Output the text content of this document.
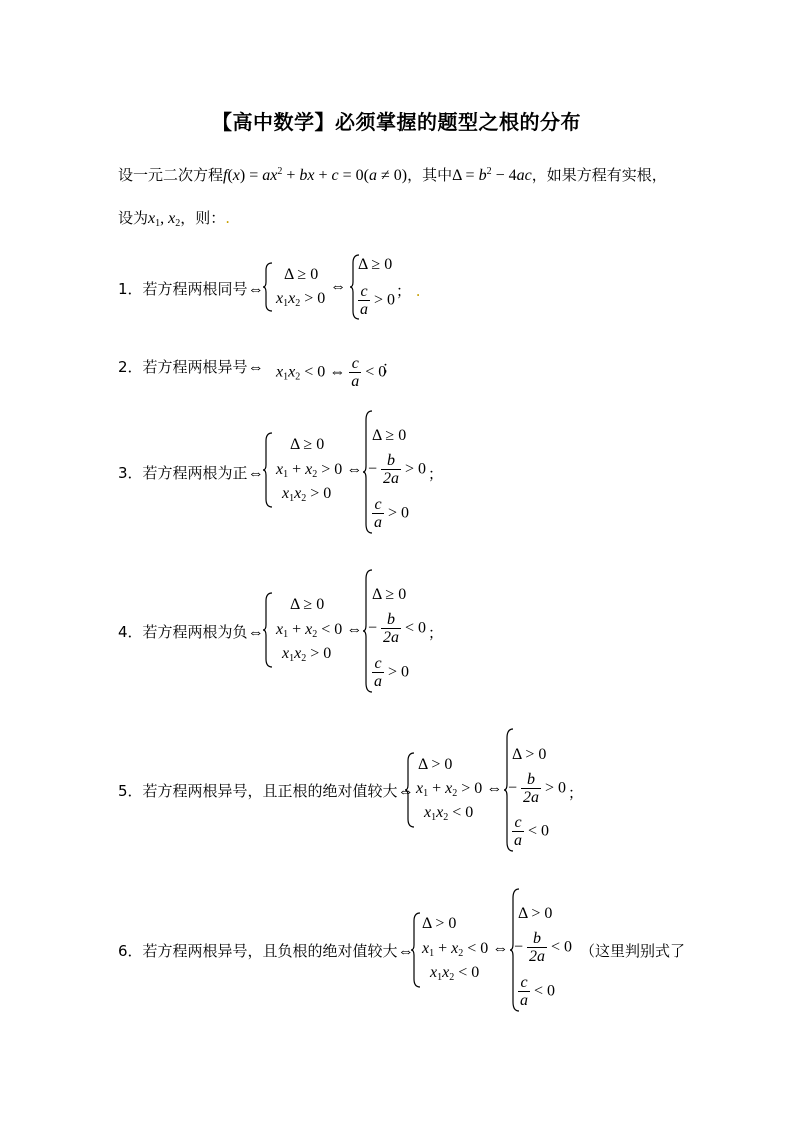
【高中数学】必须掌握的题型之根的分布
设一元二次方程$f(x) = ax^2$ + bx + c = 0(a ≠ 0)，其中$\Delta = b^2 - 4ac$，如果方程有实根，
设为$x_1$, $x_2$，则：.
1．若方程两根同号⇔
Δ ≥ 0
$x_1x_2 > 0$
⇔
Δ ≥ 0
$\frac{c}{a} > 0$
； .
2．若方程两根异号⇔ $x_1x_2 < 0$ ⇔ $\frac{c}{a} < 0$
；
3．若方程两根为正⇔
Δ ≥ 0
$x_1 + x_2 > 0$ ⇔
$x_1x_2 > 0$
Δ ≥ 0
− $\frac{b}{2a} > 0$
$\frac{c}{a} > 0$
；
4．若方程两根为负⇔
Δ ≥ 0
$x_1 + x_2 < 0$ ⇔
$x_1x_2 > 0$
Δ ≥ 0
− $\frac{b}{2a} < 0$
$\frac{c}{a} > 0$
；
5．若方程两根异号，且正根的绝对值较大⇔
Δ > 0
$x_1 + x_2 > 0$ ⇔
$x_1x_2 < 0$
Δ > 0
− $\frac{b}{2a} > 0$
$\frac{c}{a} < 0$
；
6．若方程两根异号，且负根的绝对值较大⇔
Δ > 0
$x_1 + x_2 < 0$ ⇔
$x_1x_2 < 0$
Δ > 0
− $\frac{b}{2a} < 0$
$\frac{c}{a} < 0$
（这里判别式了
